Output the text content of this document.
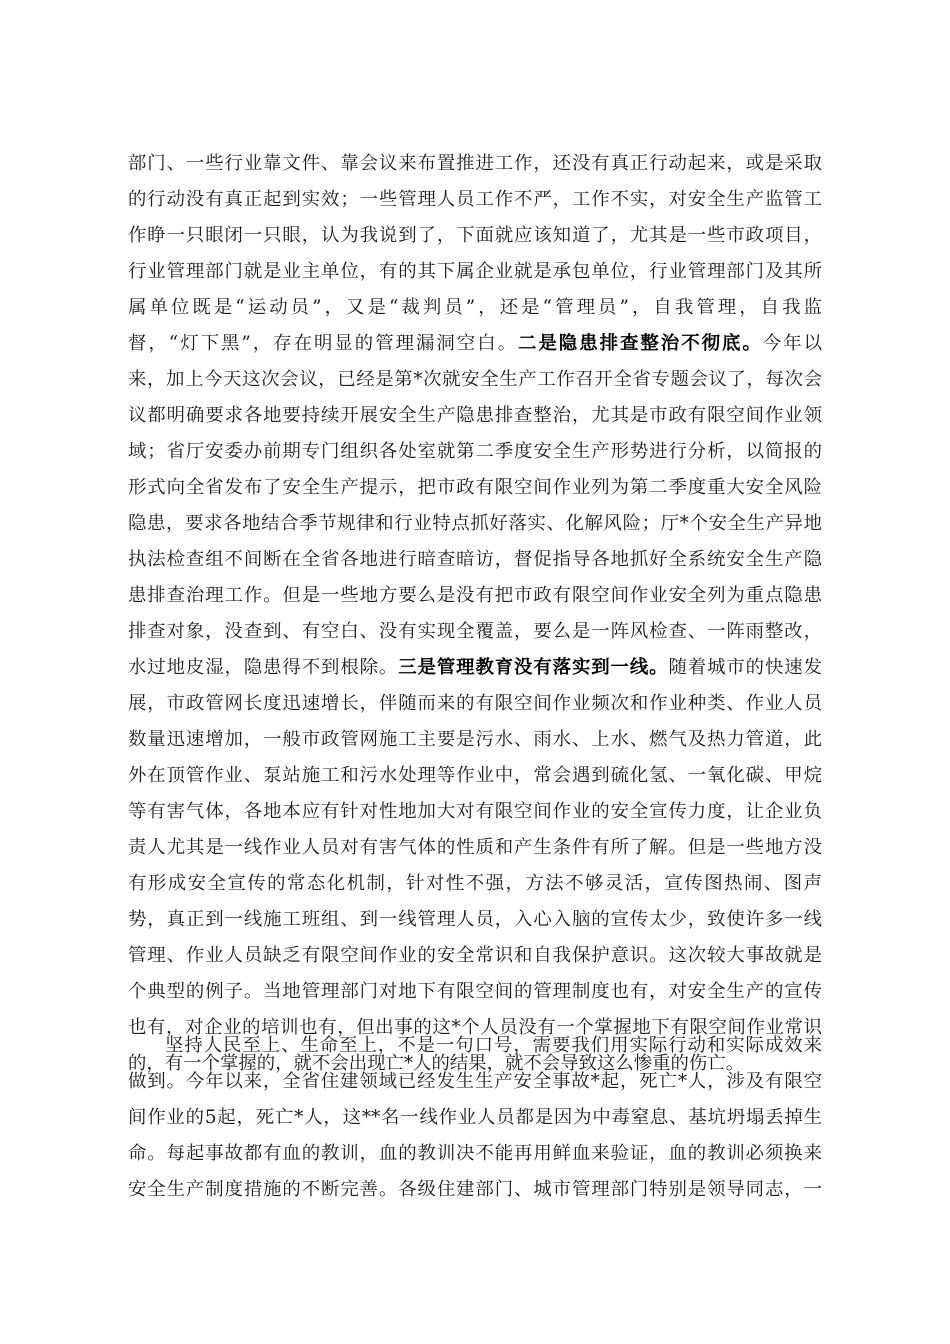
部门、一些行业靠文件、靠会议来布置推进工作，还没有真正行动起来，或是采取
的行动没有真正起到实效；一些管理人员工作不严，工作不实，对安全生产监管工
作睁一只眼闭一只眼，认为我说到了，下面就应该知道了，尤其是一些市政项目，
行业管理部门就是业主单位，有的其下属企业就是承包单位，行业管理部门及其所
属单位既是“运动员”，又是“裁判员”，还是“管理员”，自我管理，自我监
督，“灯下黑”，存在明显的管理漏洞空白。二是隐患排查整治不彻底。今年以
来，加上今天这次会议，已经是第*次就安全生产工作召开全省专题会议了，每次会
议都明确要求各地要持续开展安全生产隐患排查整治，尤其是市政有限空间作业领
域；省厅安委办前期专门组织各处室就第二季度安全生产形势进行分析，以简报的
形式向全省发布了安全生产提示，把市政有限空间作业列为第二季度重大安全风险
隐患，要求各地结合季节规律和行业特点抓好落实、化解风险；厅*个安全生产异地
执法检查组不间断在全省各地进行暗查暗访，督促指导各地抓好全系统安全生产隐
患排查治理工作。但是一些地方要么是没有把市政有限空间作业安全列为重点隐患
排查对象，没查到、有空白、没有实现全覆盖，要么是一阵风检查、一阵雨整改，
水过地皮湿，隐患得不到根除。三是管理教育没有落实到一线。随着城市的快速发
展，市政管网长度迅速增长，伴随而来的有限空间作业频次和作业种类、作业人员
数量迅速增加，一般市政管网施工主要是污水、雨水、上水、燃气及热力管道，此
外在顶管作业、泵站施工和污水处理等作业中，常会遇到硫化氢、一氧化碳、甲烷
等有害气体，各地本应有针对性地加大对有限空间作业的安全宣传力度，让企业负
责人尤其是一线作业人员对有害气体的性质和产生条件有所了解。但是一些地方没
有形成安全宣传的常态化机制，针对性不强，方法不够灵活，宣传图热闹、图声
势，真正到一线施工班组、到一线管理人员，入心入脑的宣传太少，致使许多一线
管理、作业人员缺乏有限空间作业的安全常识和自我保护意识。这次较大事故就是
个典型的例子。当地管理部门对地下有限空间的管理制度也有，对安全生产的宣传
也有，对企业的培训也有，但出事的这*个人员没有一个掌握地下有限空间作业常识
的，有一个掌握的，就不会出现亡*人的结果，就不会导致这么惨重的伤亡。
坚持人民至上、生命至上，不是一句口号，需要我们用实际行动和实际成效来
做到。今年以来，全省住建领域已经发生生产安全事故*起，死亡*人，涉及有限空
间作业的5起，死亡*人，这**名一线作业人员都是因为中毒窒息、基坑坍塌丢掉生
命。每起事故都有血的教训，血的教训决不能再用鲜血来验证，血的教训必须换来
安全生产制度措施的不断完善。各级住建部门、城市管理部门特别是领导同志，一
